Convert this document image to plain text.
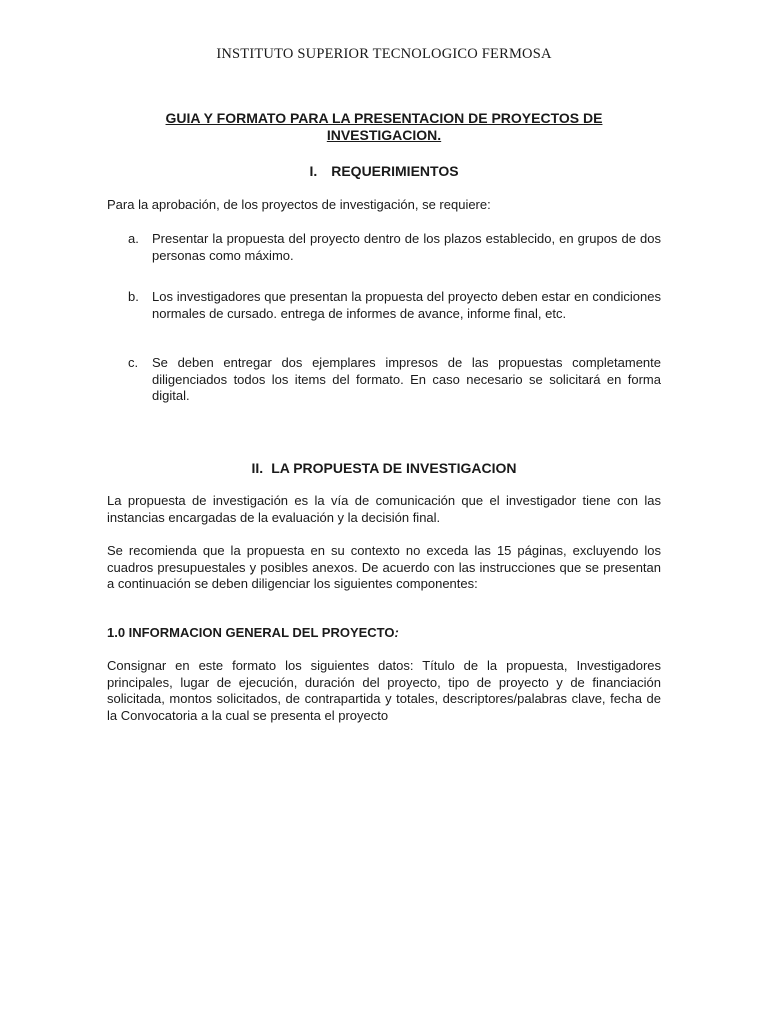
INSTITUTO SUPERIOR TECNOLOGICO FERMOSA
GUIA Y FORMATO PARA LA PRESENTACION DE PROYECTOS DE INVESTIGACION.
I. REQUERIMIENTOS
Para la aprobación, de los proyectos de investigación, se requiere:
a.	Presentar la propuesta del proyecto dentro de los plazos establecido, en grupos de dos personas como máximo.
b.	Los investigadores que presentan la propuesta del proyecto deben estar en condiciones normales de cursado. entrega de informes de avance, informe final, etc.
c.	Se deben entregar dos ejemplares impresos de las propuestas completamente diligenciados todos los items del formato. En caso necesario se solicitará en forma digital.
II. LA PROPUESTA DE INVESTIGACION
La propuesta de investigación es la vía de comunicación que el investigador tiene con las instancias encargadas de la evaluación y la decisión final.
Se recomienda que la propuesta en su contexto no exceda las 15 páginas, excluyendo los cuadros presupuestales y posibles anexos. De acuerdo con las instrucciones que se presentan a continuación se deben diligenciar los siguientes componentes:
1.0 INFORMACION GENERAL DEL PROYECTO:
Consignar en este formato los siguientes datos: Título de la propuesta, Investigadores principales, lugar de ejecución, duración del proyecto, tipo de proyecto y de financiación solicitada, montos solicitados, de contrapartida y totales, descriptores/palabras clave, fecha de la Convocatoria a la cual se presenta el proyecto
